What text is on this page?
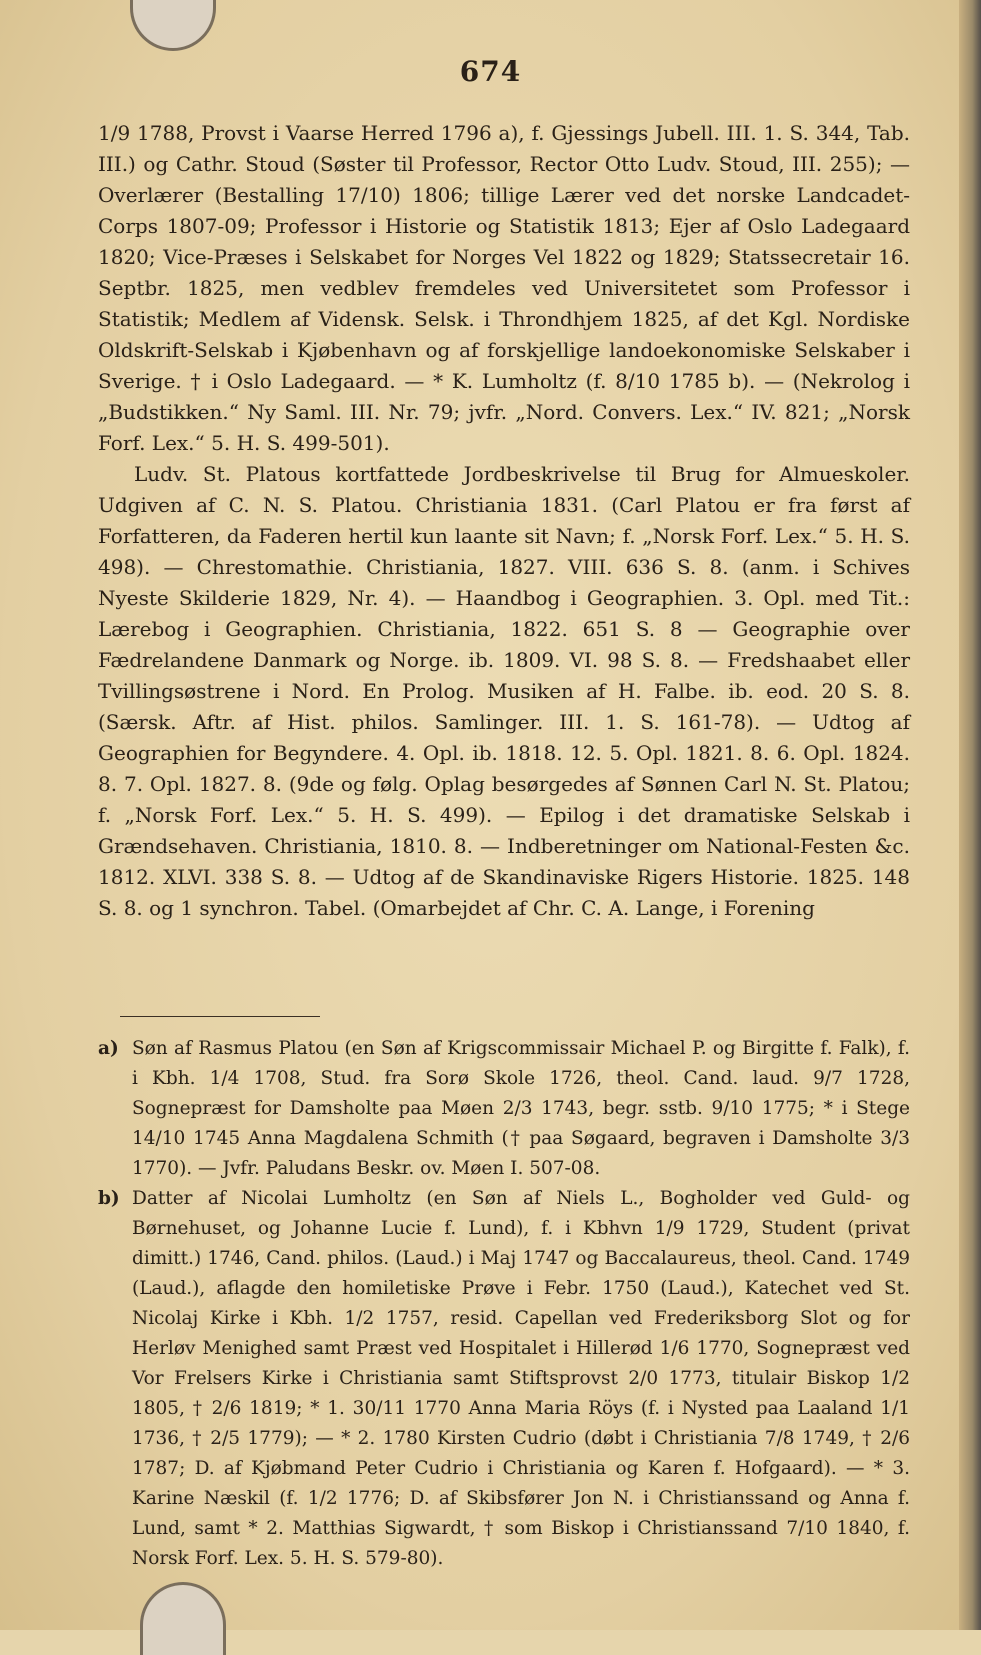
674

1/9 1788, Provst i Vaarse Herred 1796 a), f. Gjessings Jubell. III. 1. S. 344, Tab. III.) og Cathr. Stoud (Søster til Professor, Rector Otto Ludv. Stoud, III. 255); — Overlærer (Bestalling 17/10) 1806; tillige Lærer ved det norske Landcadet-Corps 1807-09; Professor i Historie og Statistik 1813; Ejer af Oslo Ladegaard 1820; Vice-Præses i Selskabet for Norges Vel 1822 og 1829; Statssecretair 16. Septbr. 1825, men vedblev fremdeles ved Universitetet som Professor i Statistik; Medlem af Vidensk. Selsk. i Throndhjem 1825, af det Kgl. Nordiske Oldskrift-Selskab i Kjøbenhavn og af forskjellige landoekonomiske Selskaber i Sverige. † i Oslo Ladegaard. — * K. Lumholtz (f. 8/10 1785 b). — (Nekrolog i „Budstikken.“ Ny Saml. III. Nr. 79; jvfr. „Nord. Convers. Lex.“ IV. 821; „Norsk Forf. Lex.“ 5. H. S. 499-501).

Ludv. St. Platous kortfattede Jordbeskrivelse til Brug for Almueskoler. Udgiven af C. N. S. Platou. Christiania 1831. (Carl Platou er fra først af Forfatteren, da Faderen hertil kun laante sit Navn; f. „Norsk Forf. Lex.“ 5. H. S. 498). — Chrestomathie. Christiania, 1827. VIII. 636 S. 8. (anm. i Schives Nyeste Skilderie 1829, Nr. 4). — Haandbog i Geographien. 3. Opl. med Tit.: Lærebog i Geographien. Christiania, 1822. 651 S. 8 — Geographie over Fædrelandene Danmark og Norge. ib. 1809. VI. 98 S. 8. — Fredshaabet eller Tvillingsøstrene i Nord. En Prolog. Musiken af H. Falbe. ib. eod. 20 S. 8. (Særsk. Aftr. af Hist. philos. Samlinger. III. 1. S. 161-78). — Udtog af Geographien for Begyndere. 4. Opl. ib. 1818. 12. 5. Opl. 1821. 8. 6. Opl. 1824. 8. 7. Opl. 1827. 8. (9de og følg. Oplag besørgedes af Sønnen Carl N. St. Platou; f. „Norsk Forf. Lex.“ 5. H. S. 499). — Epilog i det dramatiske Selskab i Grændsehaven. Christiania, 1810. 8. — Indberetninger om National-Festen &c. 1812. XLVI. 338 S. 8. — Udtog af de Skandinaviske Rigers Historie. 1825. 148 S. 8. og 1 synchron. Tabel. (Omarbejdet af Chr. C. A. Lange, i Forening

a) Søn af Rasmus Platou (en Søn af Krigscommissair Michael P. og Birgitte f. Falk), f. i Kbh. 1/4 1708, Stud. fra Sorø Skole 1726, theol. Cand. laud. 9/7 1728, Sognepræst for Damsholte paa Møen 2/3 1743, begr. sstb. 9/10 1775; * i Stege 14/10 1745 Anna Magdalena Schmith († paa Søgaard, begraven i Damsholte 3/3 1770). — Jvfr. Paludans Beskr. ov. Møen I. 507-08.
b) Datter af Nicolai Lumholtz (en Søn af Niels L., Bogholder ved Guld- og Børnehuset, og Johanne Lucie f. Lund), f. i Kbhvn 1/9 1729, Student (privat dimitt.) 1746, Cand. philos. (Laud.) i Maj 1747 og Baccalaureus, theol. Cand. 1749 (Laud.), aflagde den homiletiske Prøve i Febr. 1750 (Laud.), Katechet ved St. Nicolaj Kirke i Kbh. 1/2 1757, resid. Capellan ved Frederiksborg Slot og for Herløv Menighed samt Præst ved Hospitalet i Hillerød 1/6 1770, Sognepræst ved Vor Frelsers Kirke i Christiania samt Stiftsprovst 2/0 1773, titulair Biskop 1/2 1805, † 2/6 1819; * 1. 30/11 1770 Anna Maria Röys (f. i Nysted paa Laaland 1/1 1736, † 2/5 1779); — * 2. 1780 Kirsten Cudrio (døbt i Christiania 7/8 1749, † 2/6 1787; D. af Kjøbmand Peter Cudrio i Christiania og Karen f. Hofgaard). — * 3. Karine Næskil (f. 1/2 1776; D. af Skibsfører Jon N. i Christianssand og Anna f. Lund, samt * 2. Matthias Sigwardt, † som Biskop i Christianssand 7/10 1840, f. Norsk Forf. Lex. 5. H. S. 579-80).
